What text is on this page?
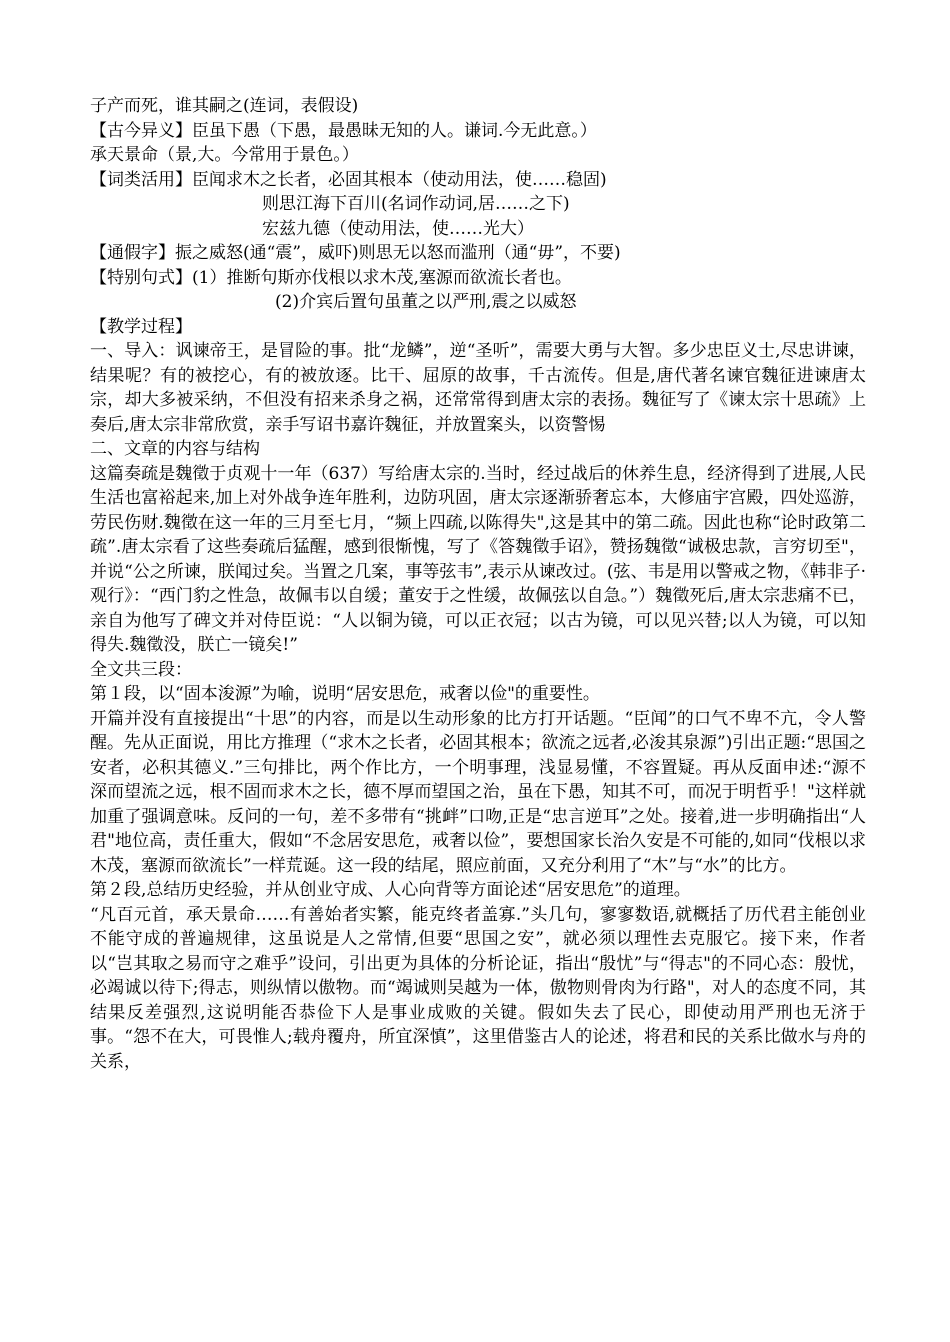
子产而死，谁其嗣之(连词，表假设)
【古今异义】臣虽下愚（下愚，最愚昧无知的人。谦词.今无此意。）
承天景命（景,大。今常用于景色。）
【词类活用】臣闻求木之长者，必固其根本（使动用法，使……稳固)
则思江海下百川(名词作动词,居……之下)
宏兹九德（使动用法，使……光大）
【通假字】振之威怒(通“震”，威吓)则思无以怒而滥刑（通“毋”，不要)
【特别句式】(1）推断句斯亦伐根以求木茂,塞源而欲流长者也。
(2)介宾后置句虽董之以严刑,震之以威怒
【教学过程】

一、导入：讽谏帝王，是冒险的事。批“龙鳞”，逆“圣听”，需要大勇与大智。多少忠臣义士,尽忠讲谏，结果呢？有的被挖心，有的被放逐。比干、屈原的故事，千古流传。但是,唐代著名谏官魏征进谏唐太宗，却大多被采纳，不但没有招来杀身之祸，还常常得到唐太宗的表扬。魏征写了《谏太宗十思疏》上奏后,唐太宗非常欣赏，亲手写诏书嘉许魏征，并放置案头，以资警惕

二、文章的内容与结构

这篇奏疏是魏徵于贞观十一年（637）写给唐太宗的.当时，经过战后的休养生息，经济得到了进展,人民生活也富裕起来,加上对外战争连年胜利，边防巩固，唐太宗逐渐骄奢忘本，大修庙宇宫殿，四处巡游，劳民伤财.魏徵在这一年的三月至七月，“频上四疏,以陈得失",这是其中的第二疏。因此也称“论时政第二疏”.唐太宗看了这些奏疏后猛醒，感到很惭愧，写了《答魏徵手诏》，赞扬魏徵“诚极忠款，言穷切至"，并说“公之所谏，朕闻过矣。当置之几案，事等弦韦”,表示从谏改过。(弦、韦是用以警戒之物，《韩非子·观行》：“西门豹之性急，故佩韦以自缓；董安于之性缓，故佩弦以自急。”）魏徵死后,唐太宗悲痛不已，亲自为他写了碑文并对侍臣说：“人以铜为镜，可以正衣冠；以古为镜，可以见兴替;以人为镜，可以知得失.魏徵没，朕亡一镜矣!”

全文共三段：
第１段，以“固本浚源”为喻，说明“居安思危，戒奢以俭"的重要性。

开篇并没有直接提出“十思”的内容，而是以生动形象的比方打开话题。“臣闻”的口气不卑不亢，令人警醒。先从正面说，用比方推理（“求木之长者，必固其根本；欲流之远者,必浚其泉源”)引出正题:“思国之安者，必积其德义.”三句排比，两个作比方，一个明事理，浅显易懂，不容置疑。再从反面申述:“源不深而望流之远，根不固而求木之长，德不厚而望国之治，虽在下愚，知其不可，而况于明哲乎！"这样就加重了强调意味。反问的一句，差不多带有“挑衅”口吻,正是“忠言逆耳”之处。接着,进一步明确指出“人君"地位高，责任重大，假如“不念居安思危，戒奢以俭”，要想国家长治久安是不可能的,如同“伐根以求木茂，塞源而欲流长”一样荒诞。这一段的结尾，照应前面，又充分利用了“木”与“水”的比方。

第２段,总结历史经验，并从创业守成、人心向背等方面论述“居安思危”的道理。

“凡百元首，承天景命……有善始者实繁，能克终者盖寡.”头几句，寥寥数语,就概括了历代君主能创业不能守成的普遍规律，这虽说是人之常情,但要“思国之安”，就必须以理性去克服它。接下来，作者以“岂其取之易而守之难乎”设问，引出更为具体的分析论证，指出“殷忧”与“得志"的不同心态：殷忧，必竭诚以待下;得志，则纵情以傲物。而“竭诚则吴越为一体，傲物则骨肉为行路"，对人的态度不同，其结果反差强烈,这说明能否恭俭下人是事业成败的关键。假如失去了民心，即使动用严刑也无济于事。“怨不在大，可畏惟人;载舟覆舟，所宜深慎”，这里借鉴古人的论述，将君和民的关系比做水与舟的关系，
